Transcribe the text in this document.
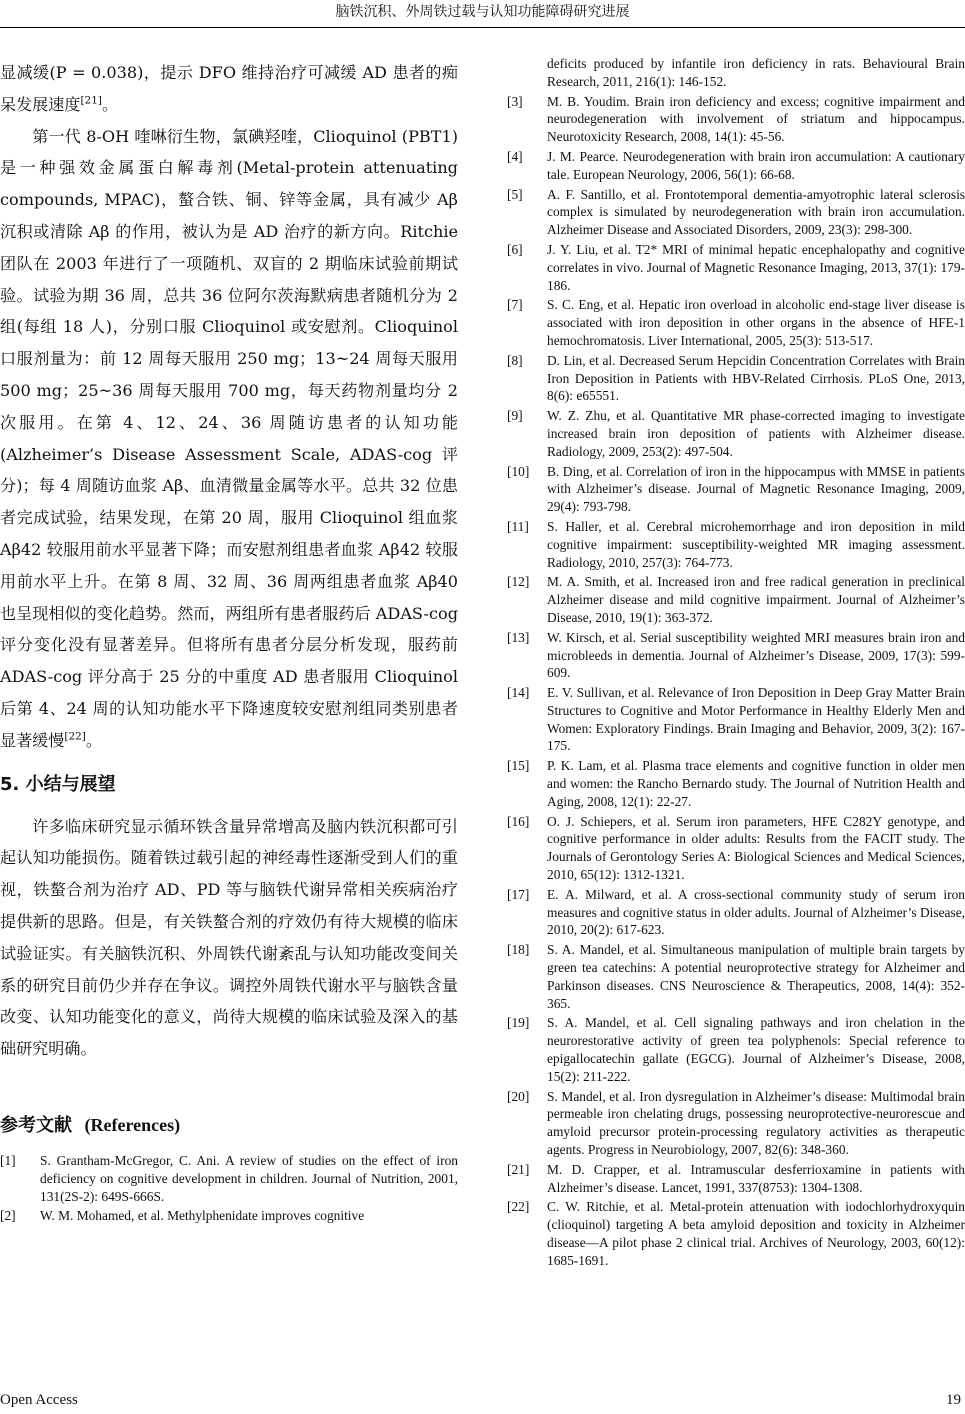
脑铁沉积、外周铁过载与认知功能障碍研究进展

显减缓(P = 0.038)，提示 DFO 维持治疗可减缓 AD 患者的痴呆发展速度[21]。

第一代 8-OH 喹啉衍生物，氯碘羟喹，Clioquinol (PBT1)是一种强效金属蛋白解毒剂(Metal-protein attenuating compounds, MPAC)，螯合铁、铜、锌等金属，具有减少 Aβ 沉积或清除 Aβ 的作用，被认为是 AD 治疗的新方向。Ritchie 团队在 2003 年进行了一项随机、双盲的 2 期临床试验前期试验。试验为期 36 周，总共 36 位阿尔茨海默病患者随机分为 2 组(每组 18 人)，分别口服 Clioquinol 或安慰剂。Clioquinol 口服剂量为：前 12 周每天服用 250 mg；13~24 周每天服用 500 mg；25~36 周每天服用 700 mg，每天药物剂量均分 2 次服用。在第 4、12、24、36 周随访患者的认知功能(Alzheimer’s Disease Assessment Scale, ADAS-cog 评分)；每 4 周随访血浆 Aβ、血清微量金属等水平。总共 32 位患者完成试验，结果发现，在第 20 周，服用 Clioquinol 组血浆 Aβ42 较服用前水平显著下降；而安慰剂组患者血浆 Aβ42 较服用前水平上升。在第 8 周、32 周、36 周两组患者血浆 Aβ40 也呈现相似的变化趋势。然而，两组所有患者服药后 ADAS-cog 评分变化没有显著差异。但将所有患者分层分析发现，服药前 ADAS-cog 评分高于 25 分的中重度 AD 患者服用 Clioquinol 后第 4、24 周的认知功能水平下降速度较安慰剂组同类别患者显著缓慢[22]。

5. 小结与展望

许多临床研究显示循环铁含量异常增高及脑内铁沉积都可引起认知功能损伤。随着铁过载引起的神经毒性逐渐受到人们的重视，铁螯合剂为治疗 AD、PD 等与脑铁代谢异常相关疾病治疗提供新的思路。但是，有关铁螯合剂的疗效仍有待大规模的临床试验证实。有关脑铁沉积、外周铁代谢紊乱与认知功能改变间关系的研究目前仍少并存在争议。调控外周铁代谢水平与脑铁含量改变、认知功能变化的意义，尚待大规模的临床试验及深入的基础研究明确。

参考文献 (References)
[1]	S. Grantham-McGregor, C. Ani. A review of studies on the effect of iron deficiency on cognitive development in children. Journal of Nutrition, 2001, 131(2S-2): 649S-666S.
[2]	W. M. Mohamed, et al. Methylphenidate improves cognitive
deficits produced by infantile iron deficiency in rats. Behavioural Brain Research, 2011, 216(1): 146-152.
[3]	M. B. Youdim. Brain iron deficiency and excess; cognitive impairment and neurodegeneration with involvement of striatum and hippocampus. Neurotoxicity Research, 2008, 14(1): 45-56.
[4]	J. M. Pearce. Neurodegeneration with brain iron accumulation: A cautionary tale. European Neurology, 2006, 56(1): 66-68.
[5]	A. F. Santillo, et al. Frontotemporal dementia-amyotrophic lateral sclerosis complex is simulated by neurodegeneration with brain iron accumulation. Alzheimer Disease and Associated Disorders, 2009, 23(3): 298-300.
[6]	J. Y. Liu, et al. T2* MRI of minimal hepatic encephalopathy and cognitive correlates in vivo. Journal of Magnetic Resonance Imaging, 2013, 37(1): 179-186.
[7]	S. C. Eng, et al. Hepatic iron overload in alcoholic end-stage liver disease is associated with iron deposition in other organs in the absence of HFE-1 hemochromatosis. Liver International, 2005, 25(3): 513-517.
[8]	D. Lin, et al. Decreased Serum Hepcidin Concentration Correlates with Brain Iron Deposition in Patients with HBV-Related Cirrhosis. PLoS One, 2013, 8(6): e65551.
[9]	W. Z. Zhu, et al. Quantitative MR phase-corrected imaging to investigate increased brain iron deposition of patients with Alzheimer disease. Radiology, 2009, 253(2): 497-504.
[10]	B. Ding, et al. Correlation of iron in the hippocampus with MMSE in patients with Alzheimer’s disease. Journal of Magnetic Resonance Imaging, 2009, 29(4): 793-798.
[11]	S. Haller, et al. Cerebral microhemorrhage and iron deposition in mild cognitive impairment: susceptibility-weighted MR imaging assessment. Radiology, 2010, 257(3): 764-773.
[12]	M. A. Smith, et al. Increased iron and free radical generation in preclinical Alzheimer disease and mild cognitive impairment. Journal of Alzheimer’s Disease, 2010, 19(1): 363-372.
[13]	W. Kirsch, et al. Serial susceptibility weighted MRI measures brain iron and microbleeds in dementia. Journal of Alzheimer’s Disease, 2009, 17(3): 599-609.
[14]	E. V. Sullivan, et al. Relevance of Iron Deposition in Deep Gray Matter Brain Structures to Cognitive and Motor Performance in Healthy Elderly Men and Women: Exploratory Findings. Brain Imaging and Behavior, 2009, 3(2): 167-175.
[15]	P. K. Lam, et al. Plasma trace elements and cognitive function in older men and women: the Rancho Bernardo study. The Journal of Nutrition Health and Aging, 2008, 12(1): 22-27.
[16]	O. J. Schiepers, et al. Serum iron parameters, HFE C282Y genotype, and cognitive performance in older adults: Results from the FACIT study. The Journals of Gerontology Series A: Biological Sciences and Medical Sciences, 2010, 65(12): 1312-1321.
[17]	E. A. Milward, et al. A cross-sectional community study of serum iron measures and cognitive status in older adults. Journal of Alzheimer’s Disease, 2010, 20(2): 617-623.
[18]	S. A. Mandel, et al. Simultaneous manipulation of multiple brain targets by green tea catechins: A potential neuroprotective strategy for Alzheimer and Parkinson diseases. CNS Neuroscience & Therapeutics, 2008, 14(4): 352-365.
[19]	S. A. Mandel, et al. Cell signaling pathways and iron chelation in the neurorestorative activity of green tea polyphenols: Special reference to epigallocatechin gallate (EGCG). Journal of Alzheimer’s Disease, 2008, 15(2): 211-222.
[20]	S. Mandel, et al. Iron dysregulation in Alzheimer’s disease: Multimodal brain permeable iron chelating drugs, possessing neuroprotective-neurorescue and amyloid precursor protein-processing regulatory activities as therapeutic agents. Progress in Neurobiology, 2007, 82(6): 348-360.
[21]	M. D. Crapper, et al. Intramuscular desferrioxamine in patients with Alzheimer’s disease. Lancet, 1991, 337(8753): 1304-1308.
[22]	C. W. Ritchie, et al. Metal-protein attenuation with iodochlorhydroxyquin (clioquinol) targeting A beta amyloid deposition and toxicity in Alzheimer disease—A pilot phase 2 clinical trial. Archives of Neurology, 2003, 60(12): 1685-1691.
Open Access	19
